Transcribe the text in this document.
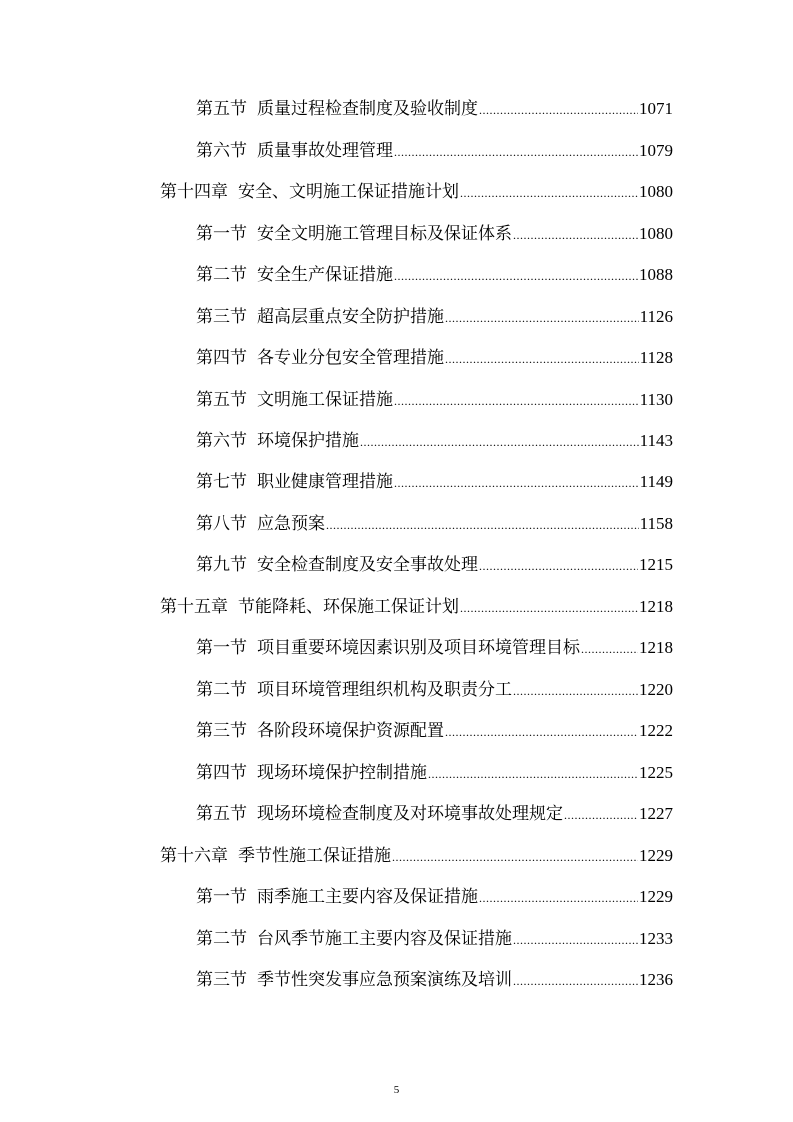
第五节 质量过程检查制度及验收制度 .....	1071
第六节 质量事故处理管理 .....	1079
第十四章 安全、文明施工保证措施计划 .....	1080
第一节 安全文明施工管理目标及保证体系 .....	1080
第二节 安全生产保证措施 .....	1088
第三节 超高层重点安全防护措施 .....	1126
第四节 各专业分包安全管理措施 .....	1128
第五节 文明施工保证措施 .....	1130
第六节 环境保护措施 .....	1143
第七节 职业健康管理措施 .....	1149
第八节 应急预案 .....	1158
第九节 安全检查制度及安全事故处理 .....	1215
第十五章 节能降耗、环保施工保证计划 .....	1218
第一节 项目重要环境因素识别及项目环境管理目标 .....	1218
第二节 项目环境管理组织机构及职责分工 .....	1220
第三节 各阶段环境保护资源配置 .....	1222
第四节 现场环境保护控制措施 .....	1225
第五节 现场环境检查制度及对环境事故处理规定 .....	1227
第十六章 季节性施工保证措施 .....	1229
第一节 雨季施工主要内容及保证措施 .....	1229
第二节 台风季节施工主要内容及保证措施 .....	1233
第三节 季节性突发事应急预案演练及培训 .....	1236
5
